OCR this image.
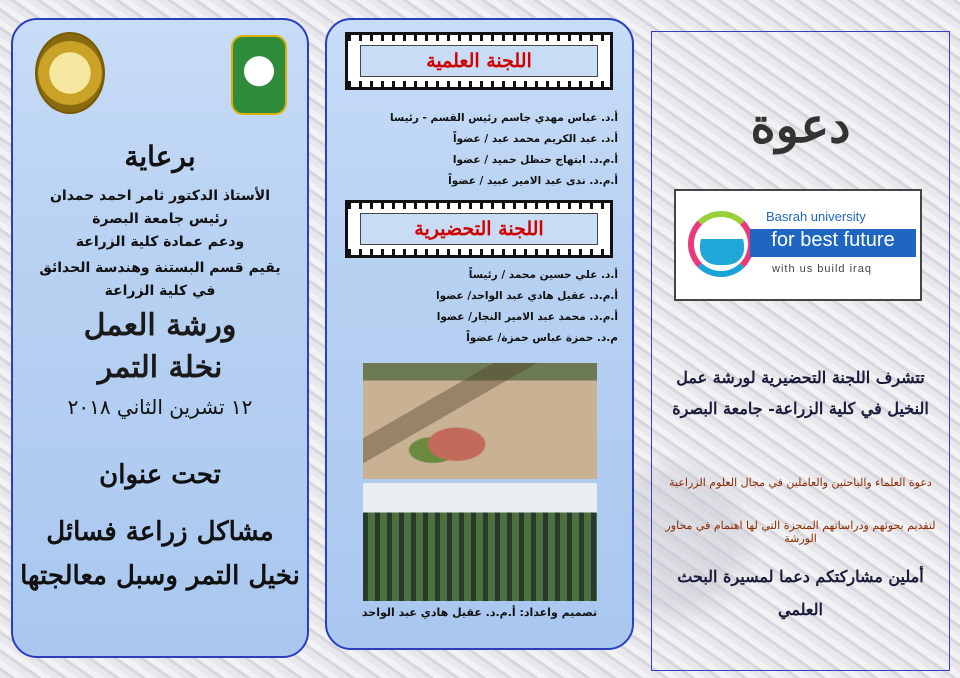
برعاية
الأستاذ الدكتور ثامر احمد حمدان
رئيس جامعة البصرة
ودعم عمادة كلية الزراعة
يقيم قسم البستنة وهندسة الحدائق
في كلية الزراعة
ورشة العمل
نخلة التمر
١٢ تشرين الثاني ٢٠١٨
تحت عنوان
مشاكل زراعة فسائل نخيل التمر وسبل معالجتها
اللجنة العلمية
أ.د. عباس مهدي جاسم رئيس القسم - رئيسا
أ.د. عبد الكريم محمد عبد / عضواً
أ.م.د. ابتهاج حنظل حميد / عضوا
أ.م.د. ندى عبد الامير عبيد / عضواً
اللجنة التحضيرية
أ.د. علي حسين محمد / رئيساً
أ.م.د. عقيل هادي عبد الواحد/ عضوا
أ.م.د. محمد عبد الامير النجار/ عضوا
م.د. حمزة عباس حمزة/ عضواً
تصميم واعداد: أ.م.د. عقيل هادي عبد الواحد
دعوة
Basrah university
for best future
with us build iraq
تتشرف اللجنة التحضيرية لورشة عمل النخيل في كلية الزراعة- جامعة البصرة
دعوة العلماء والباحثين والعاملين في مجال العلوم الزراعية
لتقديم بحوثهم ودراساتهم المنجزة التي لها اهتمام في محاور الورشة
أملين مشاركتكم دعما لمسيرة البحث العلمي
